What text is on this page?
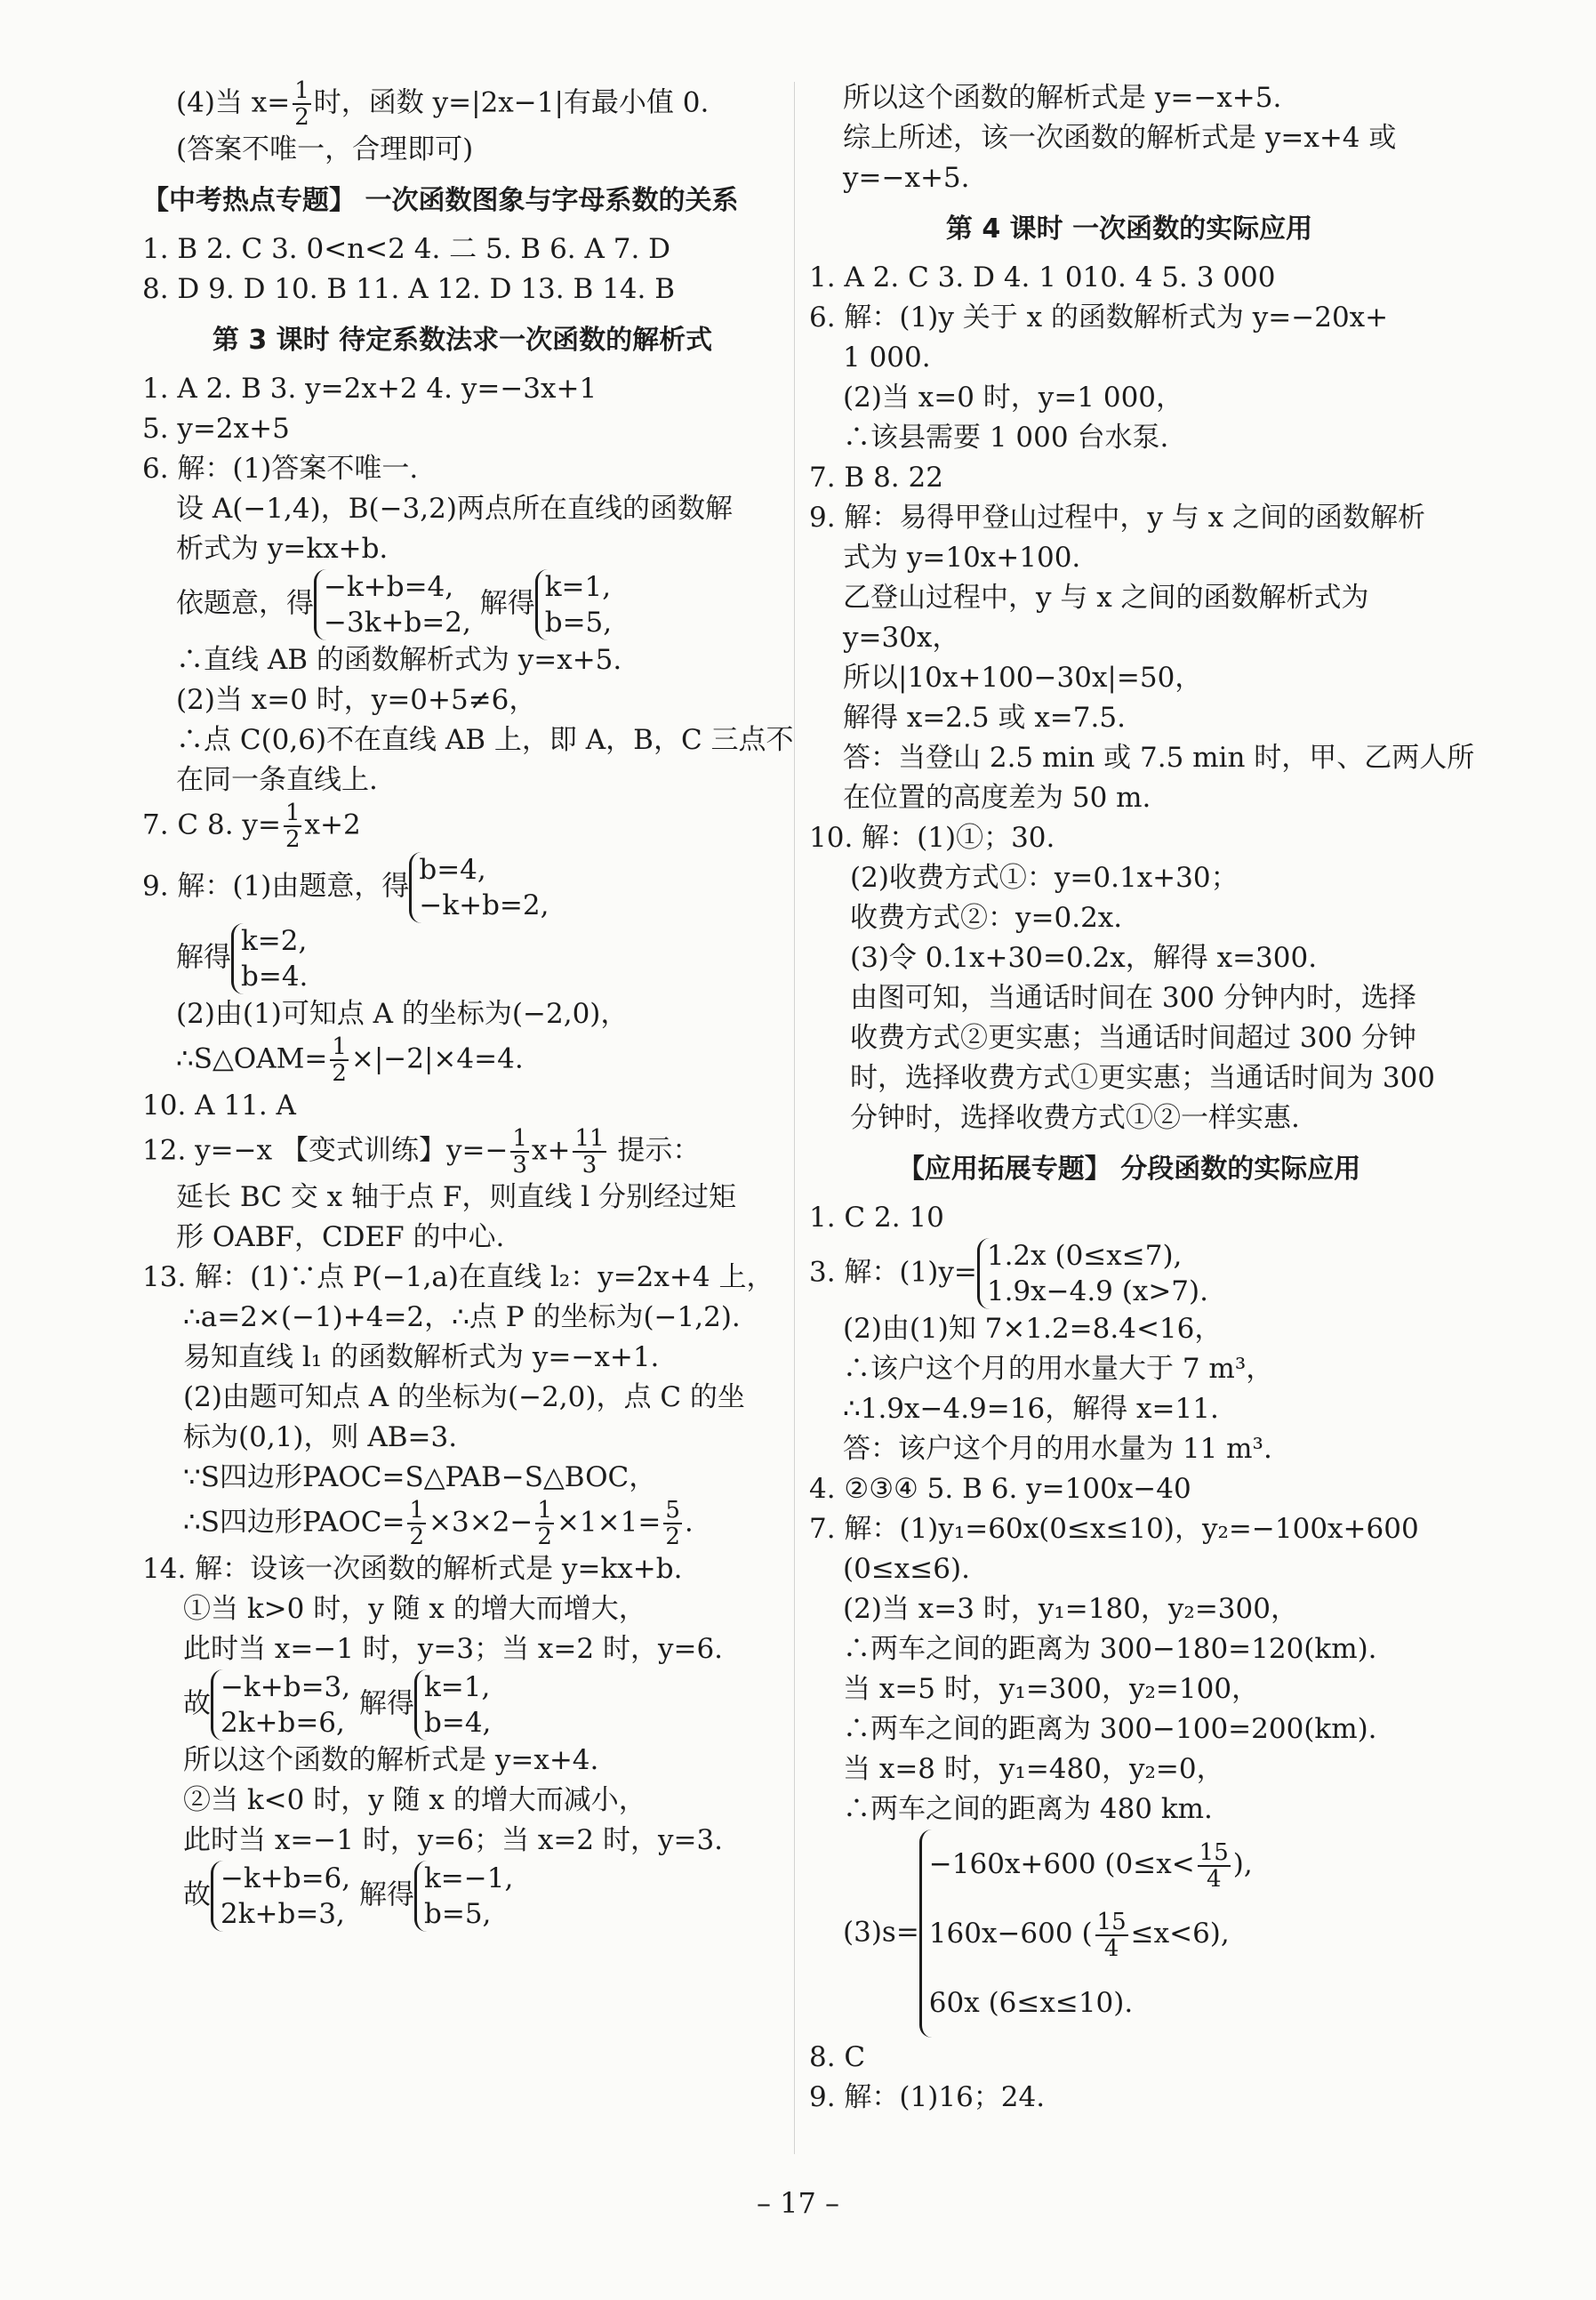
(4)当 $x= \frac{1}{2}$ 时，函数 y=|2x−1|有最小值 0.
(答案不唯一，合理即可)
【中考热点专题】 一次函数图象与字母系数的关系
1. B 2. C 3. 0<n<2 4. 二 5. B 6. A 7. D
8. D 9. D 10. B 11. A 12. D 13. B 14. B
第 3 课时 待定系数法求一次函数的解析式
1. A 2. B 3. y=2x+2 4. y=−3x+1
5. y=2x+5
6. 解：(1)答案不唯一.
设 A(−1,4)，B(−3,2)两点所在直线的函数解
析式为 y=kx+b.
依题意，得
−k+b=4,
−3k+b=2,
解得
k=1,
b=5,
∴直线 AB 的函数解析式为 y=x+5.
(2)当 x=0 时，y=0+5≠6，
∴点 C(0,6)不在直线 AB 上，即 A，B，C 三点不
在同一条直线上.
7. C 8. $y= \frac{1}{2} x+2$
9. 解：(1)由题意，得
b=4,
−k+b=2,
解得
k=2,
b=4.
(2)由(1)可知点 A 的坐标为(−2,0)，
∴S△OAM= $\frac{1}{2} \times|-2|\times 4=4$.
10. A 11. A
12. y=−x 【变式训练】$y=- \frac{1}{3} x+ \frac{11}{3}$ 提示：
延长 BC 交 x 轴于点 F，则直线 l 分别经过矩
形 OABF，CDEF 的中心.
13. 解：(1)∵点 P(−1,a)在直线 l₂：y=2x+4 上，
∴a=2×(−1)+4=2，∴点 P 的坐标为(−1,2).
易知直线 l₁ 的函数解析式为 y=−x+1.
(2)由题可知点 A 的坐标为(−2,0)，点 C 的坐
标为(0,1)，则 AB=3.
∵S四边形PAOC=S△PAB−S△BOC，
∴S四边形PAOC= $\frac{1}{2} \times 3\times 2- \frac{1}{2} \times 1\times 1= \frac{5}{2}$ .
14. 解：设该一次函数的解析式是 y=kx+b.
①当 k>0 时，y 随 x 的增大而增大，
此时当 x=−1 时，y=3；当 x=2 时，y=6.
故
−k+b=3,
2k+b=6,
解得
k=1,
b=4,
所以这个函数的解析式是 y=x+4.
②当 k<0 时，y 随 x 的增大而减小，
此时当 x=−1 时，y=6；当 x=2 时，y=3.
故
−k+b=6,
2k+b=3,
解得
k=−1,
b=5,
所以这个函数的解析式是 y=−x+5.
综上所述，该一次函数的解析式是 y=x+4 或
y=−x+5.
第 4 课时 一次函数的实际应用
1. A 2. C 3. D 4. 1 010. 4 5. 3 000
6. 解：(1)y 关于 x 的函数解析式为 y=−20x+
1 000.
(2)当 x=0 时，y=1 000，
∴该县需要 1 000 台水泵.
7. B 8. 22
9. 解：易得甲登山过程中，y 与 x 之间的函数解析
式为 y=10x+100.
乙登山过程中，y 与 x 之间的函数解析式为
y=30x，
所以|10x+100−30x|=50，
解得 x=2.5 或 x=7.5.
答：当登山 2.5 min 或 7.5 min 时，甲、乙两人所
在位置的高度差为 50 m.
10. 解：(1)①；30.
(2)收费方式①：y=0.1x+30；
收费方式②：y=0.2x.
(3)令 0.1x+30=0.2x，解得 x=300.
由图可知，当通话时间在 300 分钟内时，选择
收费方式②更实惠；当通话时间超过 300 分钟
时，选择收费方式①更实惠；当通话时间为 300
分钟时，选择收费方式①②一样实惠.
【应用拓展专题】 分段函数的实际应用
1. C 2. 10
3. 解：(1)y=
1.2x (0≤x≤7),
1.9x−4.9 (x>7).
(2)由(1)知 7×1.2=8.4<16，
∴该户这个月的用水量大于 7 m³，
∴1.9x−4.9=16，解得 x=11.
答：该户这个月的用水量为 11 m³.
4. ②③④ 5. B 6. y=100x−40
7. 解：(1)y₁=60x(0≤x≤10)，y₂=−100x+600
(0≤x≤6).
(2)当 x=3 时，y₁=180，y₂=300，
∴两车之间的距离为 300−180=120(km).
当 x=5 时，y₁=300，y₂=100，
∴两车之间的距离为 300−100=200(km).
当 x=8 时，y₁=480，y₂=0，
∴两车之间的距离为 480 km.
(3)s=
−160x+600 ($0\le x< \frac{15}{4}$ ),
160x−600 ( $\frac{15}{4} \le x<6$),
60x (6≤x≤10).
8. C
9. 解：(1)16；24.
– 17 –
